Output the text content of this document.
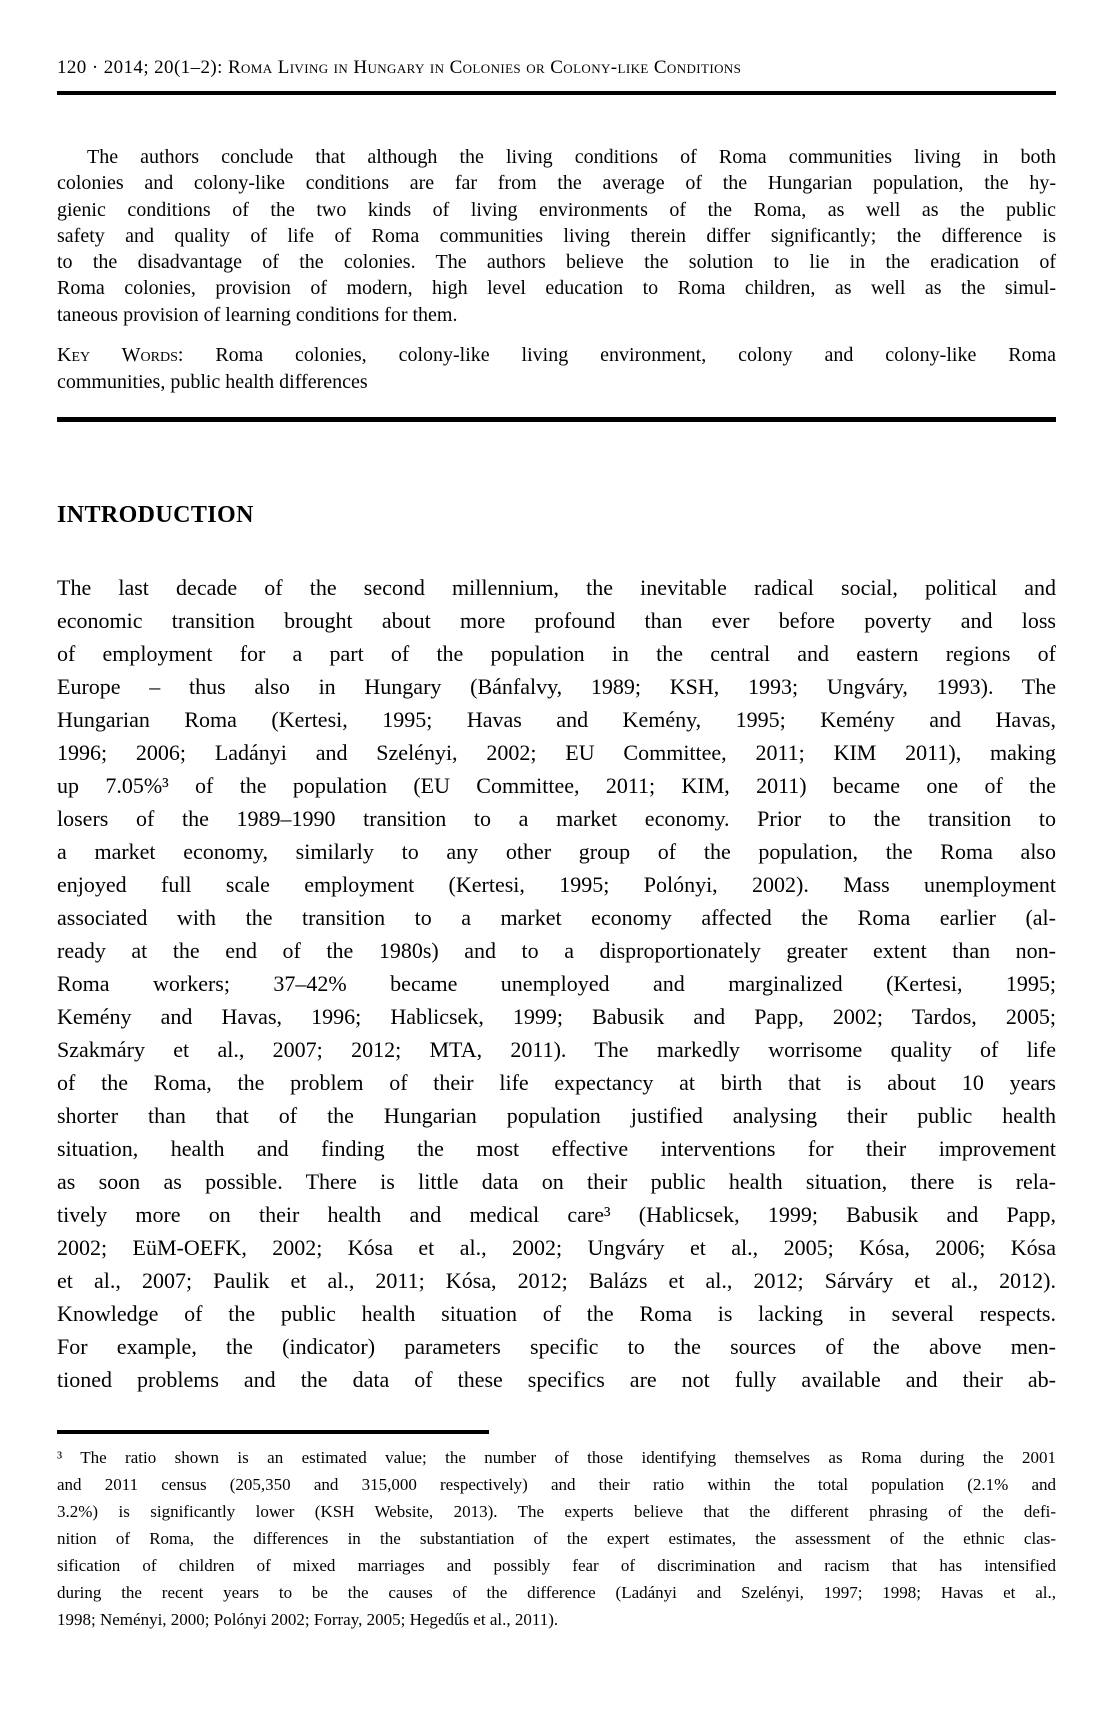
120 · 2014; 20(1–2): Roma Living in Hungary in Colonies or Colony-like Conditions
The authors conclude that although the living conditions of Roma communities living in both
colonies and colony-like conditions are far from the average of the Hungarian population, the hy-
gienic conditions of the two kinds of living environments of the Roma, as well as the public
safety and quality of life of Roma communities living therein differ significantly; the difference is
to the disadvantage of the colonies. The authors believe the solution to lie in the eradication of
Roma colonies, provision of modern, high level education to Roma children, as well as the simul-
taneous provision of learning conditions for them.

Key Words: Roma colonies, colony-like living environment, colony and colony-like Roma

communities, public health differences

INTRODUCTION
The last decade of the second millennium, the inevitable radical social, political and
economic transition brought about more profound than ever before poverty and loss
of employment for a part of the population in the central and eastern regions of
Europe – thus also in Hungary (Bánfalvy, 1989; KSH, 1993; Ungváry, 1993). The
Hungarian Roma (Kertesi, 1995; Havas and Kemény, 1995; Kemény and Havas,
1996; 2006; Ladányi and Szelényi, 2002; EU Committee, 2011; KIM 2011), making
up 7.05%³ of the population (EU Committee, 2011; KIM, 2011) became one of the
losers of the 1989–1990 transition to a market economy. Prior to the transition to
a market economy, similarly to any other group of the population, the Roma also
enjoyed full scale employment (Kertesi, 1995; Polónyi, 2002). Mass unemployment
associated with the transition to a market economy affected the Roma earlier (al-
ready at the end of the 1980s) and to a disproportionately greater extent than non-
Roma workers; 37–42% became unemployed and marginalized (Kertesi, 1995;
Kemény and Havas, 1996; Hablicsek, 1999; Babusik and Papp, 2002; Tardos, 2005;
Szakmáry et al., 2007; 2012; MTA, 2011). The markedly worrisome quality of life
of the Roma, the problem of their life expectancy at birth that is about 10 years
shorter than that of the Hungarian population justified analysing their public health
situation, health and finding the most effective interventions for their improvement
as soon as possible. There is little data on their public health situation, there is rela-
tively more on their health and medical care³ (Hablicsek, 1999; Babusik and Papp,
2002; EüM-OEFK, 2002; Kósa et al., 2002; Ungváry et al., 2005; Kósa, 2006; Kósa
et al., 2007; Paulik et al., 2011; Kósa, 2012; Balázs et al., 2012; Sárváry et al., 2012).
Knowledge of the public health situation of the Roma is lacking in several respects.
For example, the (indicator) parameters specific to the sources of the above men-
tioned problems and the data of these specifics are not fully available and their ab-
³ The ratio shown is an estimated value; the number of those identifying themselves as Roma during the 2001
and 2011 census (205,350 and 315,000 respectively) and their ratio within the total population (2.1% and
3.2%) is significantly lower (KSH Website, 2013). The experts believe that the different phrasing of the defi-
nition of Roma, the differences in the substantiation of the expert estimates, the assessment of the ethnic clas-
sification of children of mixed marriages and possibly fear of discrimination and racism that has intensified
during the recent years to be the causes of the difference (Ladányi and Szelényi, 1997; 1998; Havas et al.,
1998; Neményi, 2000; Polónyi 2002; Forray, 2005; Hegedűs et al., 2011).
